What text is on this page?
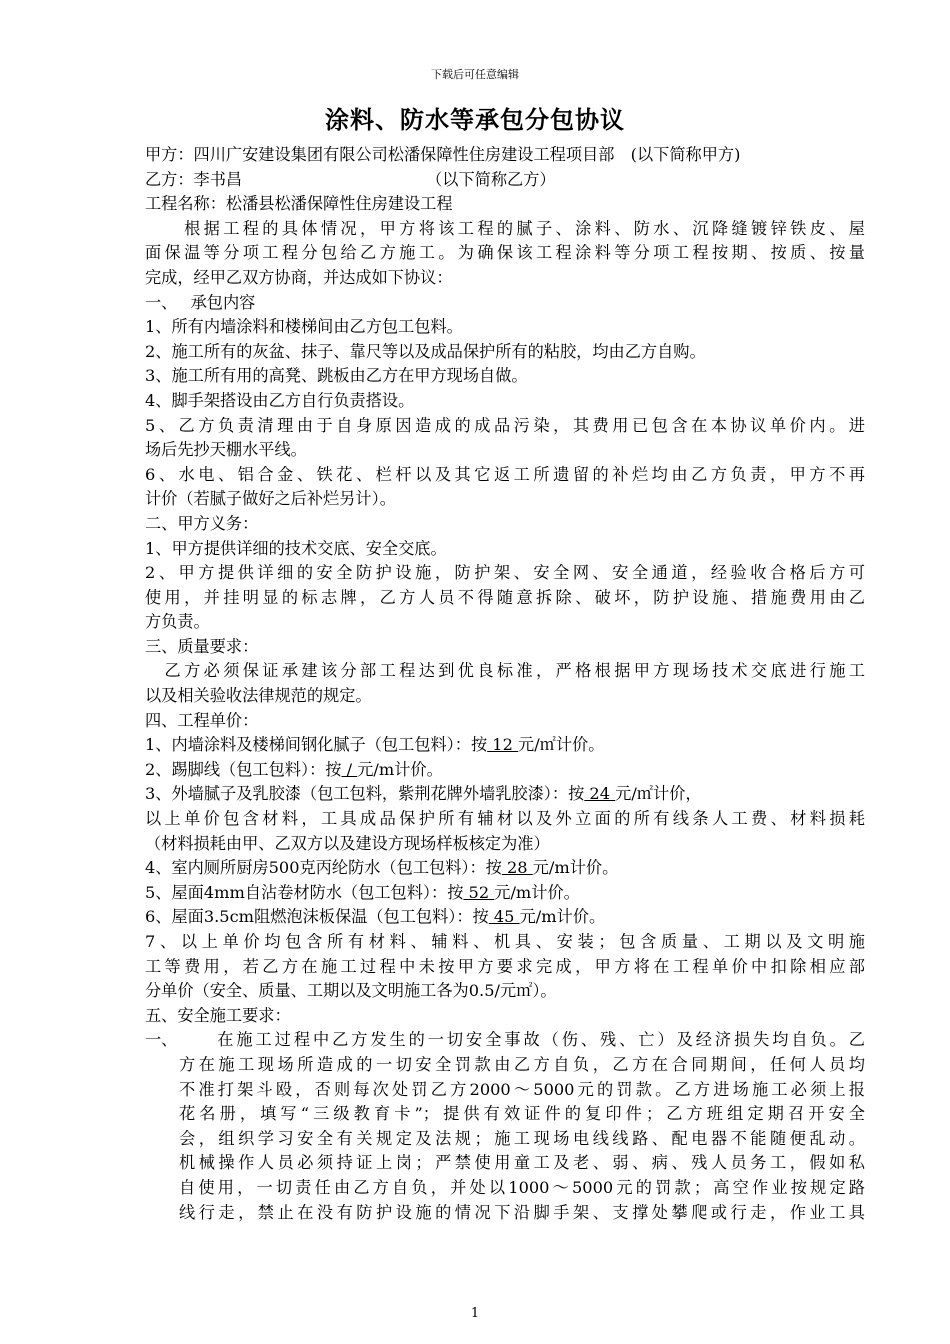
下载后可任意编辑
涂料、防水等承包分包协议

甲方：四川广安建设集团有限公司松潘保障性住房建设工程项目部　(以下简称甲方)

乙方：李书昌	（以下简称乙方）

工程名称：松潘县松潘保障性住房建设工程

　　根据工程的具体情况，甲方将该工程的腻子、涂料、防水、沉降缝镀锌铁皮、屋

面保温等分项工程分包给乙方施工。为确保该工程涂料等分项工程按期、按质、按量

完成，经甲乙双方协商，并达成如下协议：

一、　 承包内容

1、所有内墙涂料和楼梯间由乙方包工包料。

2、施工所有的灰盆、抹子、靠尺等以及成品保护所有的粘胶，均由乙方自购。

3、施工所有用的高凳、跳板由乙方在甲方现场自做。

4、脚手架搭设由乙方自行负责搭设。

5、乙方负责清理由于自身原因造成的成品污染，其费用已包含在本协议单价内。进

场后先抄天棚水平线。

6、水电、铝合金、铁花、栏杆以及其它返工所遗留的补烂均由乙方负责，甲方不再

计价（若腻子做好之后补烂另计）。

二、甲方义务：

1、甲方提供详细的技术交底、安全交底。

2、甲方提供详细的安全防护设施，防护架、安全网、安全通道，经验收合格后方可

使用，并挂明显的标志牌，乙方人员不得随意拆除、破坏，防护设施、措施费用由乙

方负责。

三、质量要求：

　乙方必须保证承建该分部工程达到优良标准，严格根据甲方现场技术交底进行施工

以及相关验收法律规范的规定。

四、工程单价：

1、内墙涂料及楼梯间钢化腻子（包工包料）：按 12 元/㎡计价。

2、踢脚线（包工包料）：按 / 元/m计价。

3、外墙腻子及乳胶漆（包工包料，紫荆花牌外墙乳胶漆）：按 24 元/㎡计价，

以上单价包含材料，工具成品保护所有辅材以及外立面的所有线条人工费、材料损耗

（材料损耗由甲、乙双方以及建设方现场样板核定为准）

4、室内厕所厨房500克丙纶防水（包工包料）：按 28 元/m计价。

5、屋面4mm自沾卷材防水（包工包料）：按 52 元/m计价。

6、屋面3.5cm阻燃泡沫板保温（包工包料）：按 45 元/m计价。

7、以上单价均包含所有材料、辅料、机具、安装；包含质量、工期以及文明施

工等费用，若乙方在施工过程中未按甲方要求完成，甲方将在工程单价中扣除相应部

分单价（安全、质量、工期以及文明施工各为0.5/元㎡）。

五、安全施工要求：

一、 　　在施工过程中乙方发生的一切安全事故（伤、残、亡）及经济损失均自负。乙

方在施工现场所造成的一切安全罚款由乙方自负，乙方在合同期间，任何人员均

不准打架斗殴，否则每次处罚乙方2000～5000元的罚款。乙方进场施工必须上报

花名册，填写“三级教育卡”；提供有效证件的复印件；乙方班组定期召开安全

会，组织学习安全有关规定及法规；施工现场电线线路、配电器不能随便乱动。

机械操作人员必须持证上岗；严禁使用童工及老、弱、病、残人员务工，假如私

自使用，一切责任由乙方自负，并处以1000～5000元的罚款；高空作业按规定路

线行走，禁止在没有防护设施的情况下沿脚手架、支撑处攀爬或行走，作业工具

1
